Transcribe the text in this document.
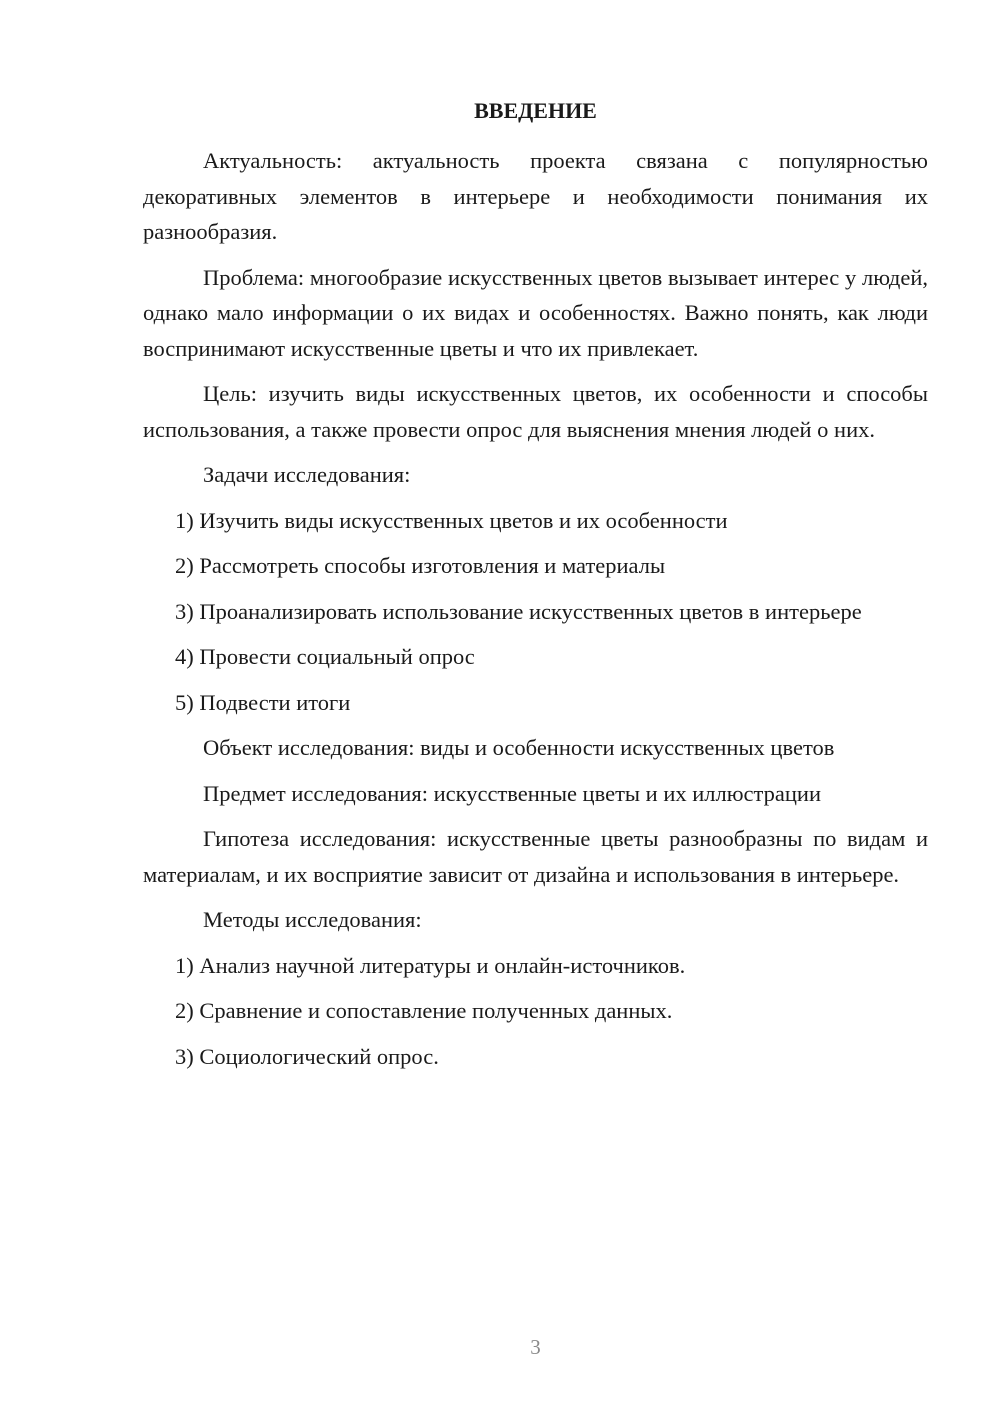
ВВЕДЕНИЕ

Актуальность: актуальность проекта связана с популярностью декоративных элементов в интерьере и необходимости понимания их разнообразия.

Проблема: многообразие искусственных цветов вызывает интерес у людей, однако мало информации о их видах и особенностях. Важно понять, как люди воспринимают искусственные цветы и что их привлекает.

Цель: изучить виды искусственных цветов, их особенности и способы использования, а также провести опрос для выяснения мнения людей о них.

Задачи исследования:

1) Изучить виды искусственных цветов и их особенности

2) Рассмотреть способы изготовления и материалы

3) Проанализировать использование искусственных цветов в интерьере

4) Провести социальный опрос

5) Подвести итоги

Объект исследования: виды и особенности искусственных цветов

Предмет исследования: искусственные цветы и их иллюстрации

Гипотеза исследования: искусственные цветы разнообразны по видам и материалам, и их восприятие зависит от дизайна и использования в интерьере.

Методы исследования:

1) Анализ научной литературы и онлайн-источников.

2) Сравнение и сопоставление полученных данных.

3) Социологический опрос.

3
